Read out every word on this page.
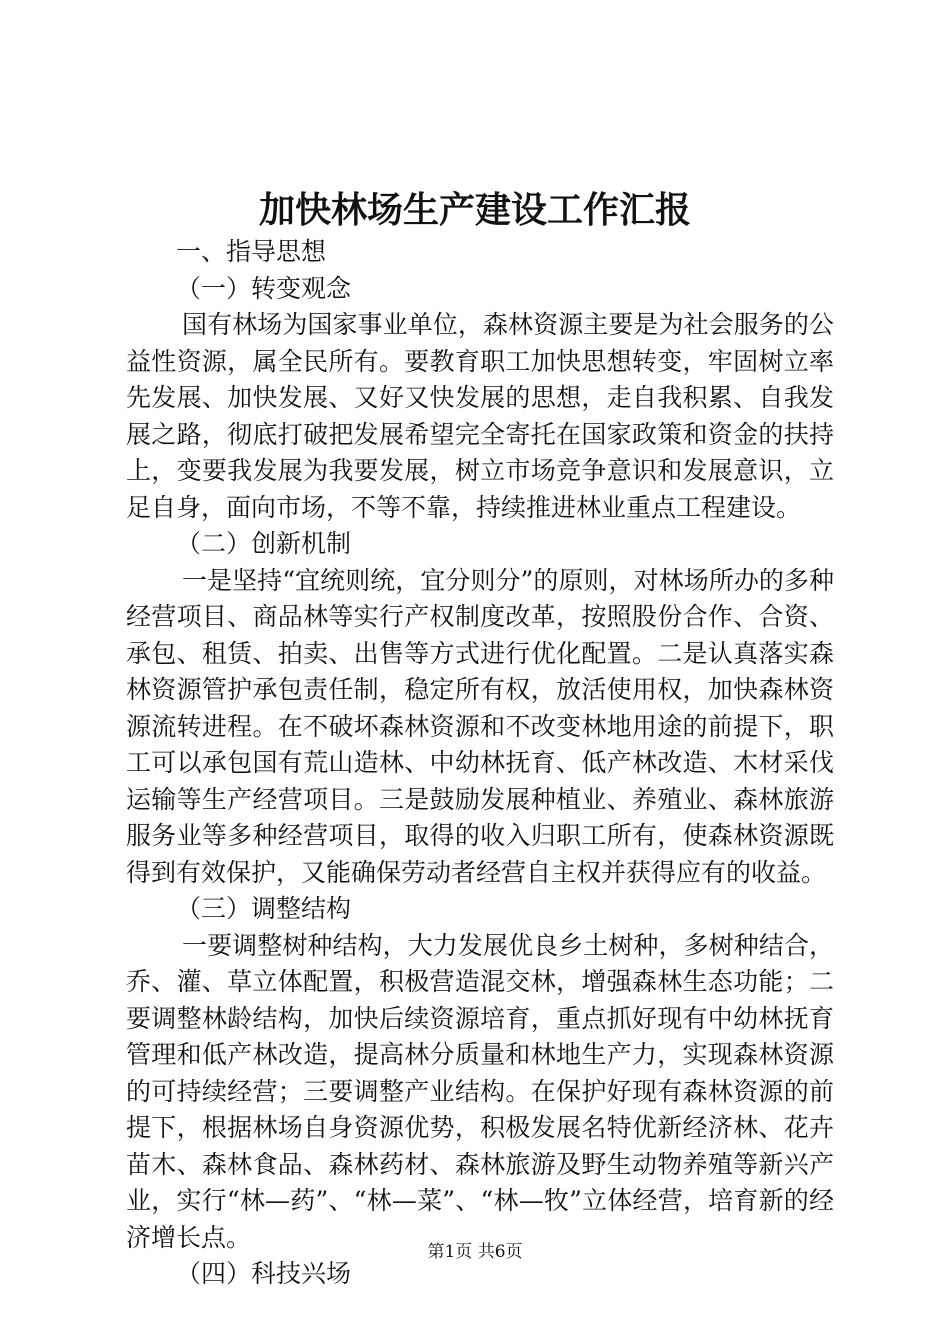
加快林场生产建设工作汇报

一、指导思想

（一）转变观念

国有林场为国家事业单位，森林资源主要是为社会服务的公益性资源，属全民所有。要教育职工加快思想转变，牢固树立率先发展、加快发展、又好又快发展的思想，走自我积累、自我发展之路，彻底打破把发展希望完全寄托在国家政策和资金的扶持上，变要我发展为我要发展，树立市场竞争意识和发展意识，立足自身，面向市场，不等不靠，持续推进林业重点工程建设。

（二）创新机制

一是坚持“宜统则统，宜分则分”的原则，对林场所办的多种经营项目、商品林等实行产权制度改革，按照股份合作、合资、承包、租赁、拍卖、出售等方式进行优化配置。二是认真落实森林资源管护承包责任制，稳定所有权，放活使用权，加快森林资源流转进程。在不破坏森林资源和不改变林地用途的前提下，职工可以承包国有荒山造林、中幼林抚育、低产林改造、木材采伐运输等生产经营项目。三是鼓励发展种植业、养殖业、森林旅游服务业等多种经营项目，取得的收入归职工所有，使森林资源既得到有效保护，又能确保劳动者经营自主权并获得应有的收益。

（三）调整结构

一要调整树种结构，大力发展优良乡土树种，多树种结合，乔、灌、草立体配置，积极营造混交林，增强森林生态功能；二要调整林龄结构，加快后续资源培育，重点抓好现有中幼林抚育管理和低产林改造，提高林分质量和林地生产力，实现森林资源的可持续经营；三要调整产业结构。在保护好现有森林资源的前提下，根据林场自身资源优势，积极发展名特优新经济林、花卉苗木、森林食品、森林药材、森林旅游及野生动物养殖等新兴产业，实行“林—药”、“林—菜”、“林—牧”立体经营，培育新的经济增长点。

（四）科技兴场

第1页 共6页
